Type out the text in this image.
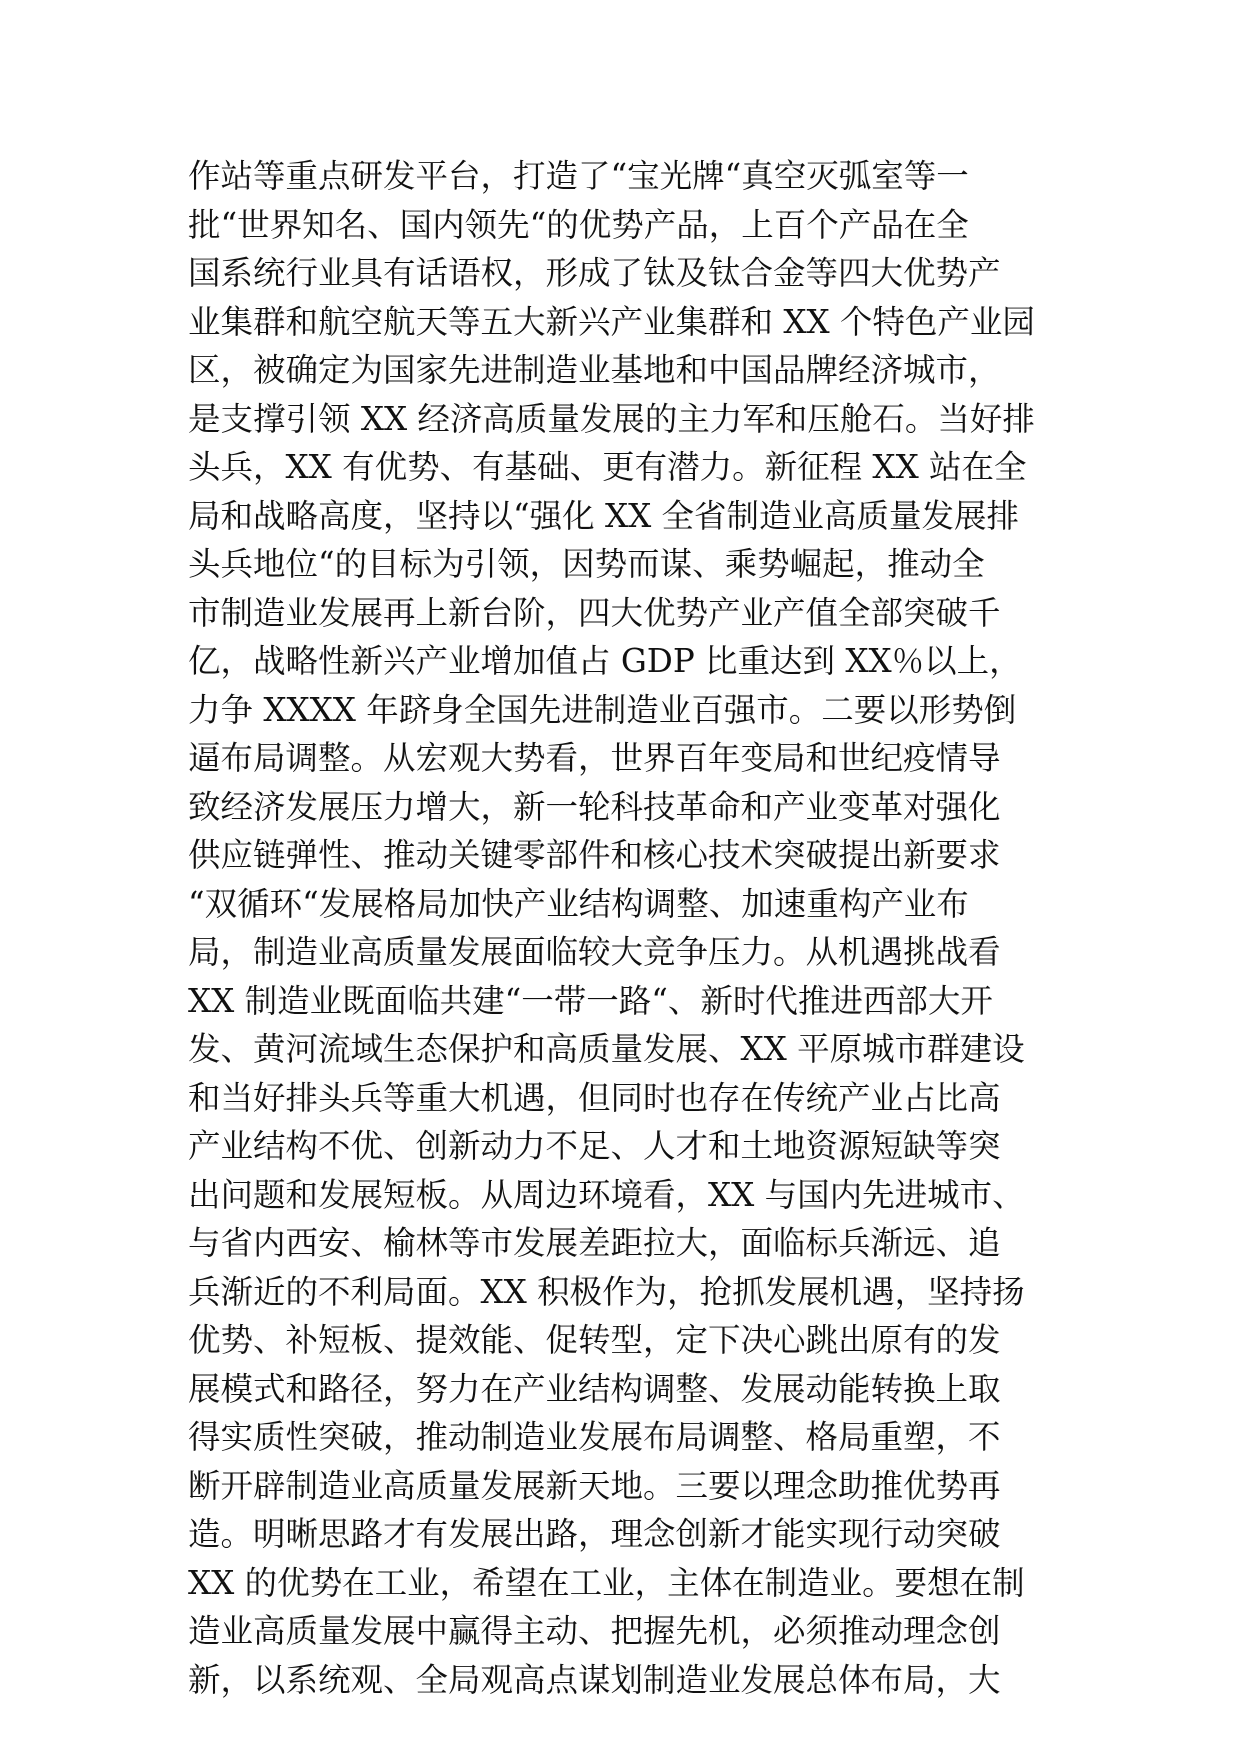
作站等重点研发平台，打造了“宝光牌“真空灭弧室等一
批“世界知名、国内领先“的优势产品，上百个产品在全
国系统行业具有话语权，形成了钛及钛合金等四大优势产
业集群和航空航天等五大新兴产业集群和 XX 个特色产业园
区，被确定为国家先进制造业基地和中国品牌经济城市，
是支撑引领 XX 经济高质量发展的主力军和压舱石。当好排
头兵，XX 有优势、有基础、更有潜力。新征程 XX 站在全
局和战略高度，坚持以“强化 XX 全省制造业高质量发展排
头兵地位“的目标为引领，因势而谋、乘势崛起，推动全
市制造业发展再上新台阶，四大优势产业产值全部突破千
亿，战略性新兴产业增加值占 GDP 比重达到 XX％以上，
力争 XXXX 年跻身全国先进制造业百强市。二要以形势倒
逼布局调整。从宏观大势看，世界百年变局和世纪疫情导
致经济发展压力增大，新一轮科技革命和产业变革对强化
供应链弹性、推动关键零部件和核心技术突破提出新要求
“双循环“发展格局加快产业结构调整、加速重构产业布
局，制造业高质量发展面临较大竞争压力。从机遇挑战看
XX 制造业既面临共建“一带一路“、新时代推进西部大开
发、黄河流域生态保护和高质量发展、XX 平原城市群建设
和当好排头兵等重大机遇，但同时也存在传统产业占比高
产业结构不优、创新动力不足、人才和土地资源短缺等突
出问题和发展短板。从周边环境看，XX 与国内先进城市、
与省内西安、榆林等市发展差距拉大，面临标兵渐远、追
兵渐近的不利局面。XX 积极作为，抢抓发展机遇，坚持扬
优势、补短板、提效能、促转型，定下决心跳出原有的发
展模式和路径，努力在产业结构调整、发展动能转换上取
得实质性突破，推动制造业发展布局调整、格局重塑，不
断开辟制造业高质量发展新天地。三要以理念助推优势再
造。明晰思路才有发展出路，理念创新才能实现行动突破
XX 的优势在工业，希望在工业，主体在制造业。要想在制
造业高质量发展中赢得主动、把握先机，必须推动理念创
新，以系统观、全局观高点谋划制造业发展总体布局，大
